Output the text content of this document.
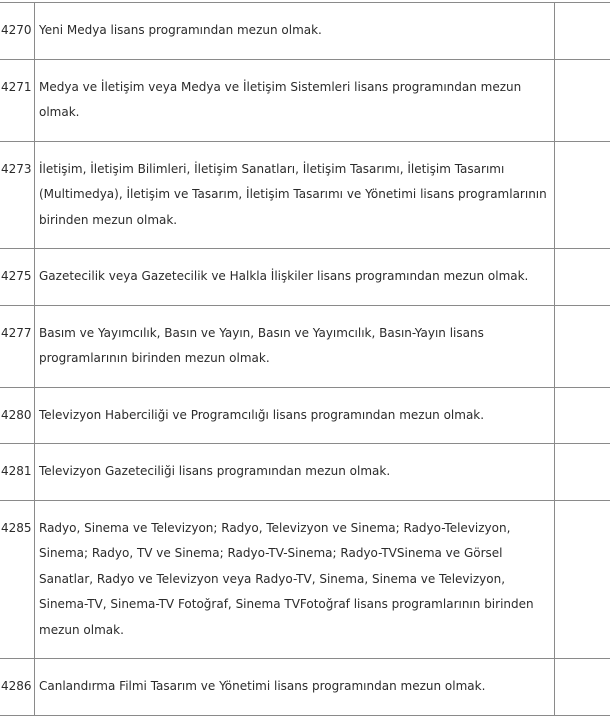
4270	Yeni Medya lisans programından mezun olmak.	
4271	Medya ve İletişim veya Medya ve İletişim Sistemleri lisans programından mezun olmak.	
4273	İletişim, İletişim Bilimleri, İletişim Sanatları, İletişim Tasarımı, İletişim Tasarımı (Multimedya), İletişim ve Tasarım, İletişim Tasarımı ve Yönetimi lisans programlarının birinden mezun olmak.	
4275	Gazetecilik veya Gazetecilik ve Halkla İlişkiler lisans programından mezun olmak.	
4277	Basım ve Yayımcılık, Basın ve Yayın, Basın ve Yayımcılık, Basın-Yayın lisans programlarının birinden mezun olmak.	
4280	Televizyon Haberciliği ve Programcılığı lisans programından mezun olmak.	
4281	Televizyon Gazeteciliği lisans programından mezun olmak.	
4285	Radyo, Sinema ve Televizyon; Radyo, Televizyon ve Sinema; Radyo-Televizyon, Sinema; Radyo, TV ve Sinema; Radyo-TV-Sinema; Radyo-TVSinema ve Görsel Sanatlar, Radyo ve Televizyon veya Radyo-TV, Sinema, Sinema ve Televizyon, Sinema-TV, Sinema-TV Fotoğraf, Sinema TVFotoğraf lisans programlarının birinden mezun olmak.	
4286	Canlandırma Filmi Tasarım ve Yönetimi lisans programından mezun olmak.	
